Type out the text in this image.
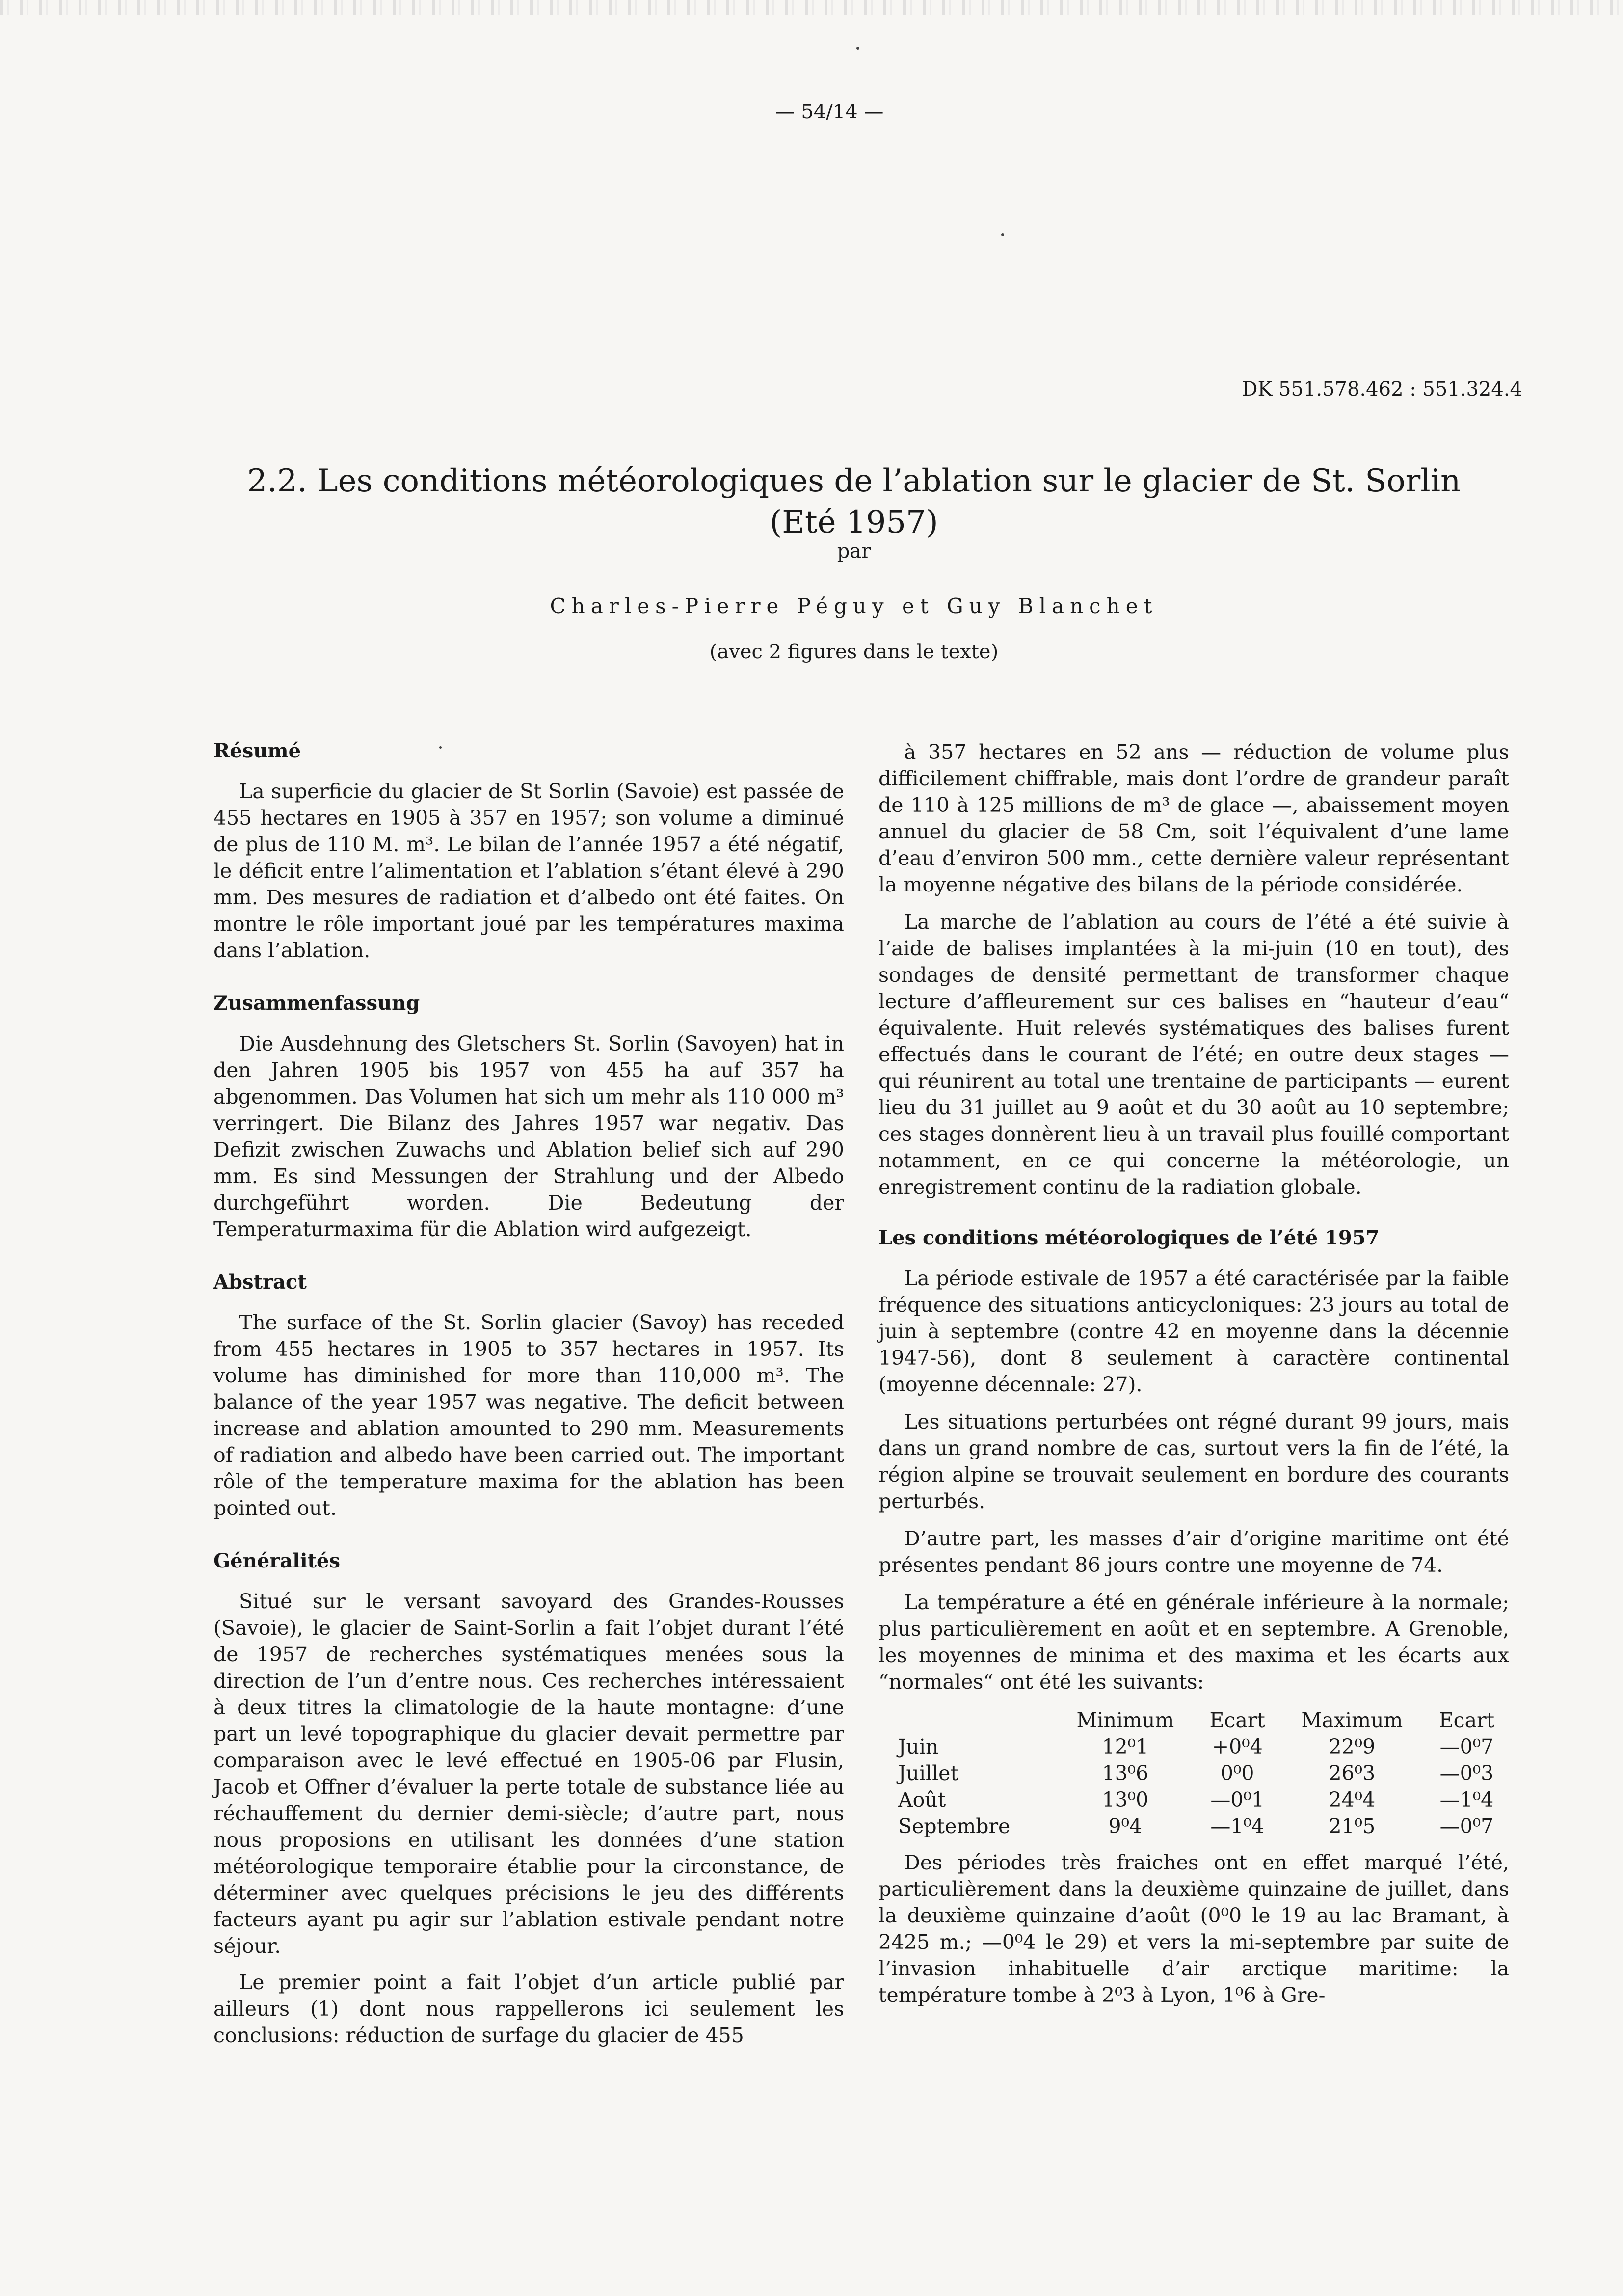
— 54/14 —
DK 551.578.462 : 551.324.4
2.2. Les conditions météorologiques de l’ablation sur le glacier de St. Sorlin
(Eté 1957)
par
Charles-Pierre Péguy et Guy Blanchet
(avec 2 figures dans le texte)
Résumé

La superficie du glacier de St Sorlin (Savoie) est passée de 455 hectares en 1905 à 357 en 1957; son volume a diminué de plus de 110 M. m³. Le bilan de l’année 1957 a été négatif, le déficit entre l’alimentation et l’ablation s’étant élevé à 290 mm. Des mesures de radiation et d’albedo ont été faites. On montre le rôle important joué par les températures maxima dans l’ablation.

Zusammenfassung

Die Ausdehnung des Gletschers St. Sorlin (Savoyen) hat in den Jahren 1905 bis 1957 von 455 ha auf 357 ha abgenommen. Das Volumen hat sich um mehr als 110 000 m³ verringert. Die Bilanz des Jahres 1957 war negativ. Das Defizit zwischen Zuwachs und Ablation belief sich auf 290 mm. Es sind Messungen der Strahlung und der Albedo durchgeführt worden. Die Bedeutung der Temperaturmaxima für die Ablation wird aufgezeigt.

Abstract

The surface of the St. Sorlin glacier (Savoy) has receded from 455 hectares in 1905 to 357 hectares in 1957. Its volume has diminished for more than 110,000 m³. The balance of the year 1957 was negative. The deficit between increase and ablation amounted to 290 mm. Measurements of radiation and albedo have been carried out. The important rôle of the temperature maxima for the ablation has been pointed out.

Généralités

Situé sur le versant savoyard des Grandes-Rousses (Savoie), le glacier de Saint-Sorlin a fait l’objet durant l’été de 1957 de recherches systématiques menées sous la direction de l’un d’entre nous. Ces recherches intéressaient à deux titres la climatologie de la haute montagne: d’une part un levé topographique du glacier devait permettre par comparaison avec le levé effectué en 1905-06 par Flusin, Jacob et Offner d’évaluer la perte totale de substance liée au réchauffement du dernier demi-siècle; d’autre part, nous nous proposions en utilisant les données d’une station météorologique temporaire établie pour la circonstance, de déterminer avec quelques précisions le jeu des différents facteurs ayant pu agir sur l’ablation estivale pendant notre séjour.

Le premier point a fait l’objet d’un article publié par ailleurs (1) dont nous rappellerons ici seulement les conclusions: réduction de surfage du glacier de 455

à 357 hectares en 52 ans — réduction de volume plus difficilement chiffrable, mais dont l’ordre de grandeur paraît de 110 à 125 millions de m³ de glace —, abaissement moyen annuel du glacier de 58 Cm, soit l’équivalent d’une lame d’eau d’environ 500 mm., cette dernière valeur représentant la moyenne négative des bilans de la période considérée.

La marche de l’ablation au cours de l’été a été suivie à l’aide de balises implantées à la mi-juin (10 en tout), des sondages de densité permettant de transformer chaque lecture d’affleurement sur ces balises en “hauteur d’eau“ équivalente. Huit relevés systématiques des balises furent effectués dans le courant de l’été; en outre deux stages — qui réunirent au total une trentaine de participants — eurent lieu du 31 juillet au 9 août et du 30 août au 10 septembre; ces stages donnèrent lieu à un travail plus fouillé comportant notamment, en ce qui concerne la météorologie, un enregistrement continu de la radiation globale.

Les conditions météorologiques de l’été 1957

La période estivale de 1957 a été caractérisée par la faible fréquence des situations anticycloniques: 23 jours au total de juin à septembre (contre 42 en moyenne dans la décennie 1947-56), dont 8 seulement à caractère continental (moyenne décennale: 27).

Les situations perturbées ont régné durant 99 jours, mais dans un grand nombre de cas, surtout vers la fin de l’été, la région alpine se trouvait seulement en bordure des courants perturbés.

D’autre part, les masses d’air d’origine maritime ont été présentes pendant 86 jours contre une moyenne de 74.

La température a été en générale inférieure à la normale; plus particulièrement en août et en septembre. A Grenoble, les moyennes de minima et des maxima et les écarts aux “normales“ ont été les suivants:

	Minimum	Ecart	Maximum	Ecart
Juin	12⁰1	+0⁰4	22⁰9	—0⁰7
Juillet	13⁰6	0⁰0	26⁰3	—0⁰3
Août	13⁰0	—0⁰1	24⁰4	—1⁰4
Septembre	9⁰4	—1⁰4	21⁰5	—0⁰7

Des périodes très fraiches ont en effet marqué l’été, particulièrement dans la deuxième quinzaine de juillet, dans la deuxième quinzaine d’août (0⁰0 le 19 au lac Bramant, à 2425 m.; —0⁰4 le 29) et vers la mi-septembre par suite de l’invasion inhabituelle d’air arctique maritime: la température tombe à 2⁰3 à Lyon, 1⁰6 à Gre-
